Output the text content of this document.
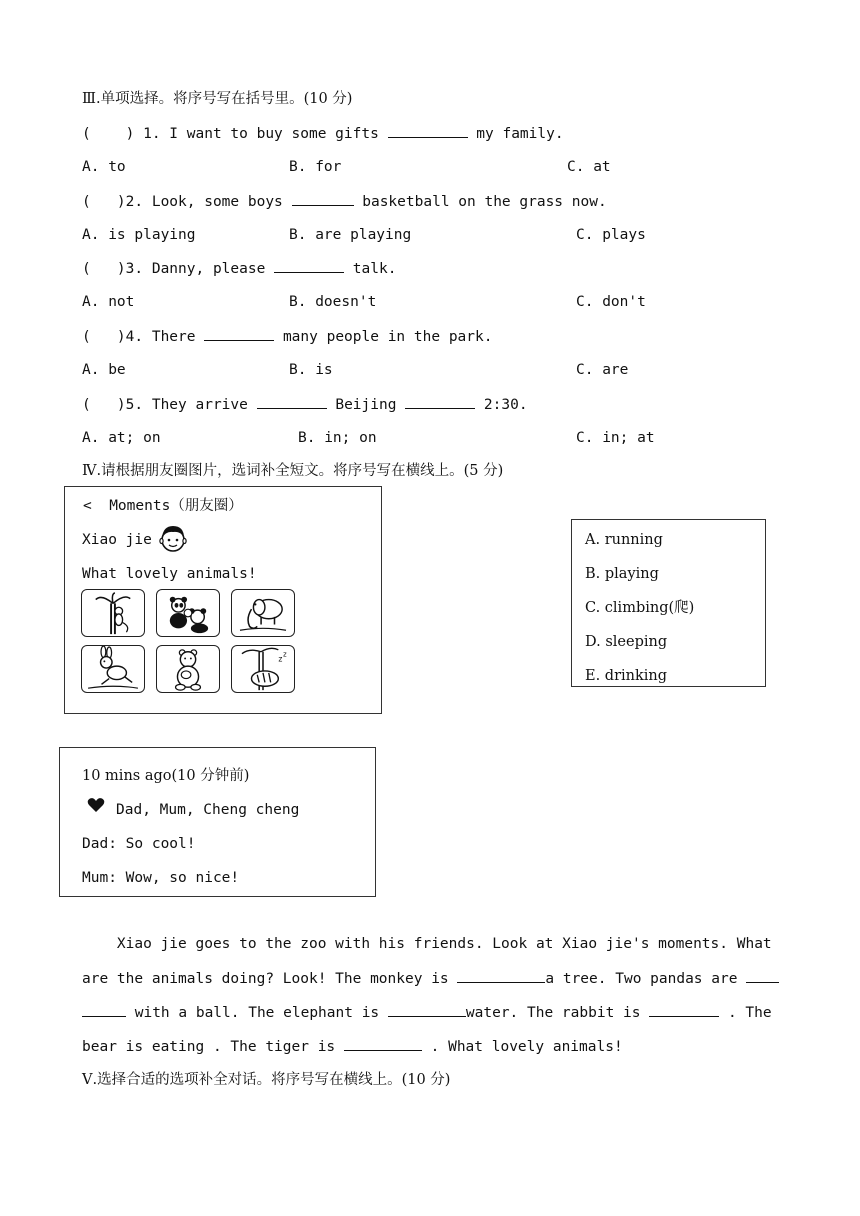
Ⅲ.单项选择。将序号写在括号里。(10 分)
(    ) 1. I want to buy some gifts	my family.
A. to	B. for	C. at
(   )2. Look, some boys	basketball on the grass now.
A. is playing	B. are playing	C. plays
(   )3. Danny, please	talk.
A. not	B. doesn't	C. don't
(   )4. There	many people in the park.
A. be	B. is	C. are
(   )5. They arrive	Beijing	2:30.
A. at; on	B. in; on	C. in; at
Ⅳ.请根据朋友圈图片，选词补全短文。将序号写在横线上。(5 分)
<  Moments（朋友圈）
Xiao jie
What lovely animals!
z z
A. running
B. playing
C. climbing(爬)
D. sleeping
E. drinking
10 mins ago(10 分钟前)
Dad, Mum, Cheng cheng
Dad: So cool!
Mum: Wow, so nice!
Xiao jie goes to the zoo with his friends. Look at Xiao jie's moments. What
are the animals doing? Look! The monkey is	a tree. Two pandas are
with a ball. The elephant is	water. The rabbit is	. The
bear is eating . The tiger is	. What lovely animals!
Ⅴ.选择合适的选项补全对话。将序号写在横线上。(10 分)
